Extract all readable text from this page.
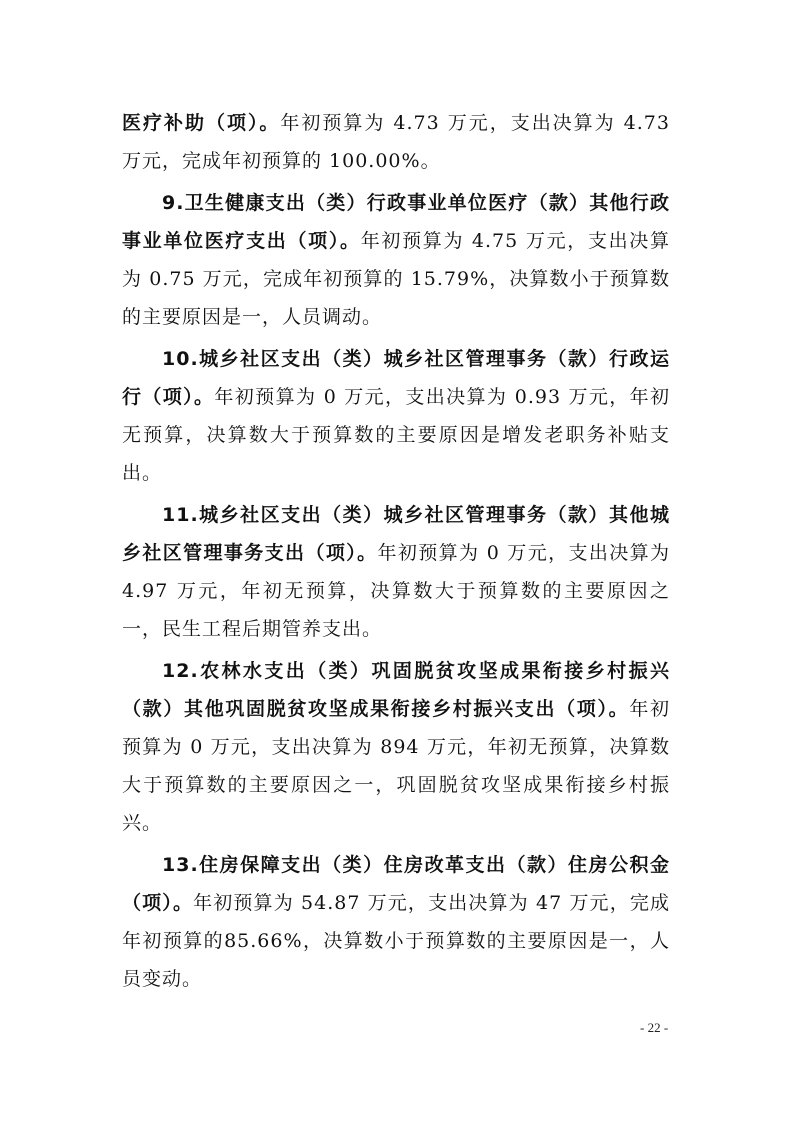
医疗补助（项）。年初预算为 4.73 万元，支出决算为 4.73 万元，完成年初预算的 100.00%。

9.卫生健康支出（类）行政事业单位医疗（款）其他行政事业单位医疗支出（项）。年初预算为 4.75 万元，支出决算为 0.75 万元，完成年初预算的 15.79%，决算数小于预算数的主要原因是一，人员调动。

10.城乡社区支出（类）城乡社区管理事务（款）行政运行（项）。年初预算为 0 万元，支出决算为 0.93 万元，年初无预算，决算数大于预算数的主要原因是增发老职务补贴支出。

11.城乡社区支出（类）城乡社区管理事务（款）其他城乡社区管理事务支出（项）。年初预算为 0 万元，支出决算为 4.97 万元，年初无预算，决算数大于预算数的主要原因之一，民生工程后期管养支出。

12.农林水支出（类）巩固脱贫攻坚成果衔接乡村振兴（款）其他巩固脱贫攻坚成果衔接乡村振兴支出（项）。年初预算为 0 万元，支出决算为 894 万元，年初无预算，决算数大于预算数的主要原因之一，巩固脱贫攻坚成果衔接乡村振兴。

13.住房保障支出（类）住房改革支出（款）住房公积金（项）。年初预算为 54.87 万元，支出决算为 47 万元，完成年初预算的85.66%，决算数小于预算数的主要原因是一，人员变动。

- 22 -
